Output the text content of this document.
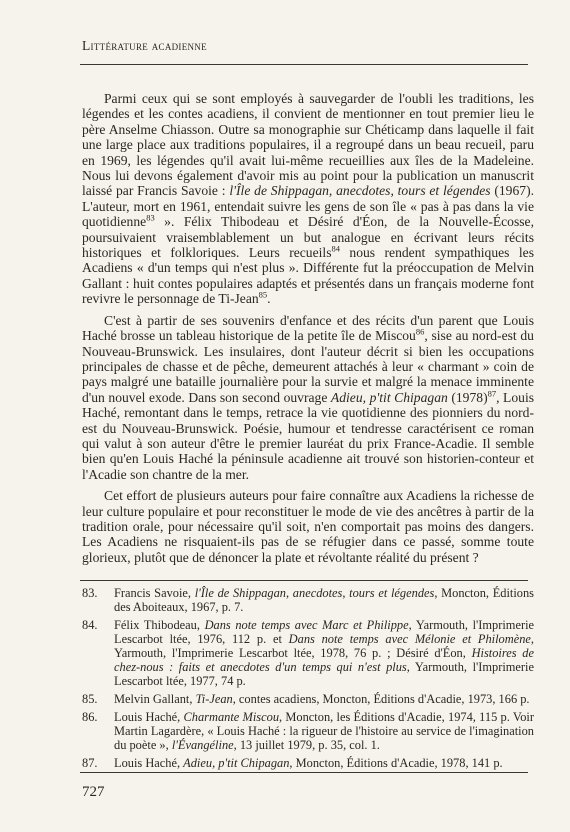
Littérature acadienne

Parmi ceux qui se sont employés à sauvegarder de l'oubli les traditions, les légendes et les contes acadiens, il convient de mentionner en tout premier lieu le père Anselme Chiasson. Outre sa monographie sur Chéticamp dans laquelle il fait une large place aux traditions populaires, il a regroupé dans un beau recueil, paru en 1969, les légendes qu'il avait lui-même recueillies aux îles de la Madeleine. Nous lui devons également d'avoir mis au point pour la publication un manuscrit laissé par Francis Savoie : l'Île de Shippagan, anecdotes, tours et légendes (1967). L'auteur, mort en 1961, entendait suivre les gens de son île « pas à pas dans la vie quotidienne$^{83}$ ». Félix Thibodeau et Désiré d'Éon, de la Nouvelle-Écosse, poursuivaient vraisemblablement un but analogue en écrivant leurs récits historiques et folkloriques. Leurs recueils$^{84}$ nous rendent sympathiques les Acadiens « d'un temps qui n'est plus ». Différente fut la préoccupation de Melvin Gallant : huit contes populaires adaptés et présentés dans un français moderne font revivre le personnage de Ti-Jean$^{85}$.

C'est à partir de ses souvenirs d'enfance et des récits d'un parent que Louis Haché brosse un tableau historique de la petite île de Miscou$^{86}$, sise au nord-est du Nouveau-Brunswick. Les insulaires, dont l'auteur décrit si bien les occupations principales de chasse et de pêche, demeurent attachés à leur « charmant » coin de pays malgré une bataille journalière pour la survie et malgré la menace imminente d'un nouvel exode. Dans son second ouvrage Adieu, p'tit Chipagan $(1978)^{87}$, Louis Haché, remontant dans le temps, retrace la vie quotidienne des pionniers du nord-est du Nouveau-Brunswick. Poésie, humour et tendresse caractérisent ce roman qui valut à son auteur d'être le premier lauréat du prix France-Acadie. Il semble bien qu'en Louis Haché la péninsule acadienne ait trouvé son historien-conteur et l'Acadie son chantre de la mer.

Cet effort de plusieurs auteurs pour faire connaître aux Acadiens la richesse de leur culture populaire et pour reconstituer le mode de vie des ancêtres à partir de la tradition orale, pour nécessaire qu'il soit, n'en comportait pas moins des dangers. Les Acadiens ne risquaient-ils pas de se réfugier dans ce passé, somme toute glorieux, plutôt que de dénoncer la plate et révoltante réalité du présent ?

83.	Francis Savoie, l'Île de Shippagan, anecdotes, tours et légendes, Moncton, Éditions des Aboiteaux, 1967, p. 7.
84.	Félix Thibodeau, Dans note temps avec Marc et Philippe, Yarmouth, l'Imprimerie Lescarbot ltée, 1976, 112 p. et Dans note temps avec Mélonie et Philomène, Yarmouth, l'Imprimerie Lescarbot ltée, 1978, 76 p. ; Désiré d'Éon, Histoires de chez-nous : faits et anecdotes d'un temps qui n'est plus, Yarmouth, l'Imprimerie Lescarbot ltée, 1977, 74 p.
85.	Melvin Gallant, Ti-Jean, contes acadiens, Moncton, Éditions d'Acadie, 1973, 166 p.
86.	Louis Haché, Charmante Miscou, Moncton, les Éditions d'Acadie, 1974, 115 p. Voir Martin Lagardère, « Louis Haché : la rigueur de l'histoire au service de l'imagination du poète », l'Évangéline, 13 juillet 1979, p. 35, col. 1.
87.	Louis Haché, Adieu, p'tit Chipagan, Moncton, Éditions d'Acadie, 1978, 141 p.
727
